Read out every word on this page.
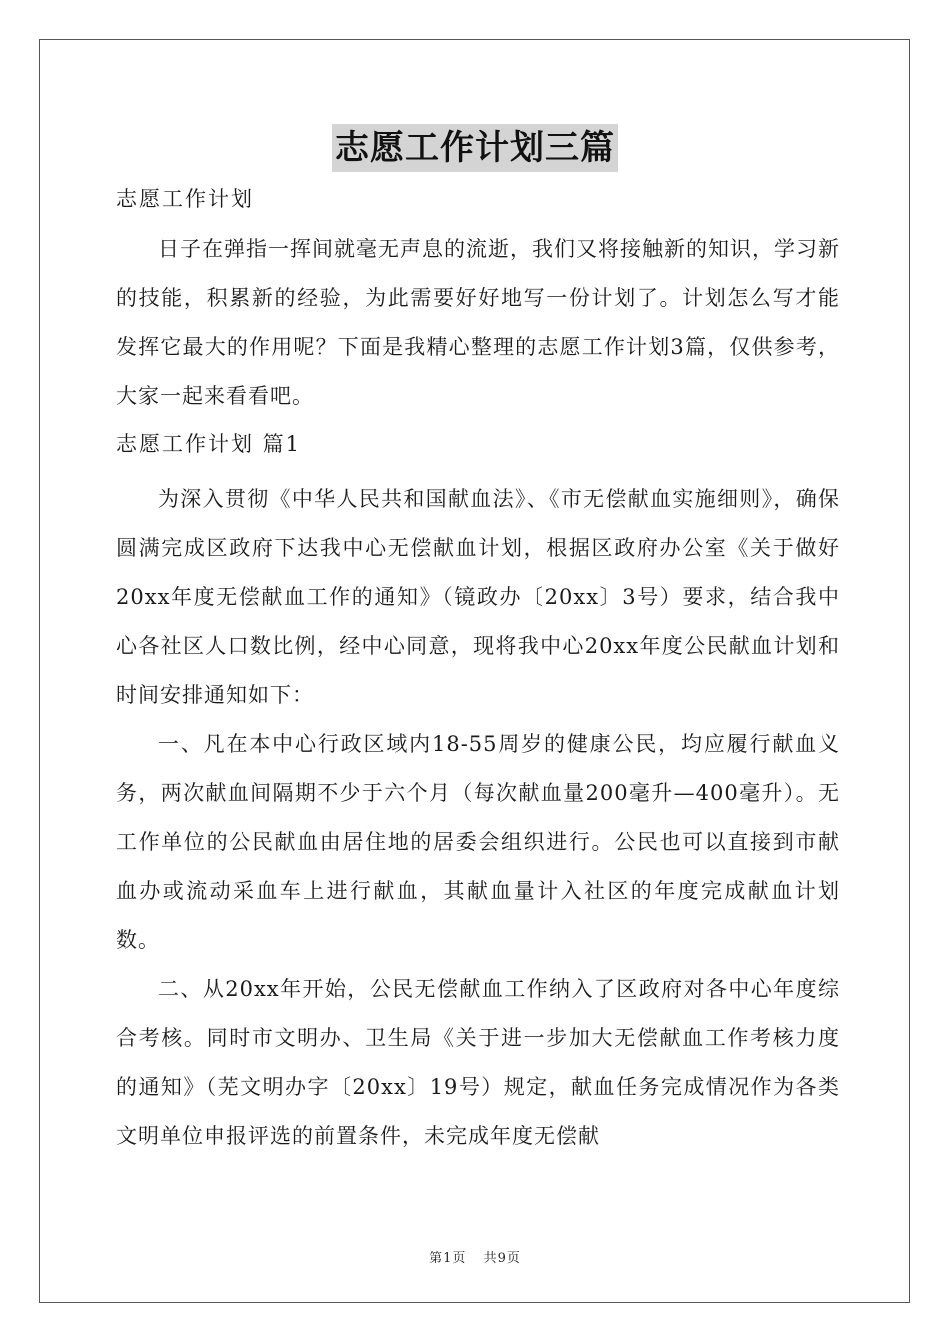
志愿工作计划三篇

志愿工作计划

日子在弹指一挥间就毫无声息的流逝，我们又将接触新的知识，学习新的技能，积累新的经验，为此需要好好地写一份计划了。计划怎么写才能发挥它最大的作用呢？下面是我精心整理的志愿工作计划3篇，仅供参考，大家一起来看看吧。

志愿工作计划 篇1

为深入贯彻《中华人民共和国献血法》、《市无偿献血实施细则》，确保圆满完成区政府下达我中心无偿献血计划，根据区政府办公室《关于做好20xx年度无偿献血工作的通知》（镜政办〔20xx〕3号）要求，结合我中心各社区人口数比例，经中心同意，现将我中心20xx年度公民献血计划和时间安排通知如下：

一、凡在本中心行政区域内18-55周岁的健康公民，均应履行献血义务，两次献血间隔期不少于六个月（每次献血量200毫升—400毫升）。无工作单位的公民献血由居住地的居委会组织进行。公民也可以直接到市献血办或流动采血车上进行献血，其献血量计入社区的年度完成献血计划数。

二、从20xx年开始，公民无偿献血工作纳入了区政府对各中心年度综合考核。同时市文明办、卫生局《关于进一步加大无偿献血工作考核力度的通知》（芜文明办字〔20xx〕19号）规定，献血任务完成情况作为各类文明单位申报评选的前置条件，未完成年度无偿献

第1页 共9页
